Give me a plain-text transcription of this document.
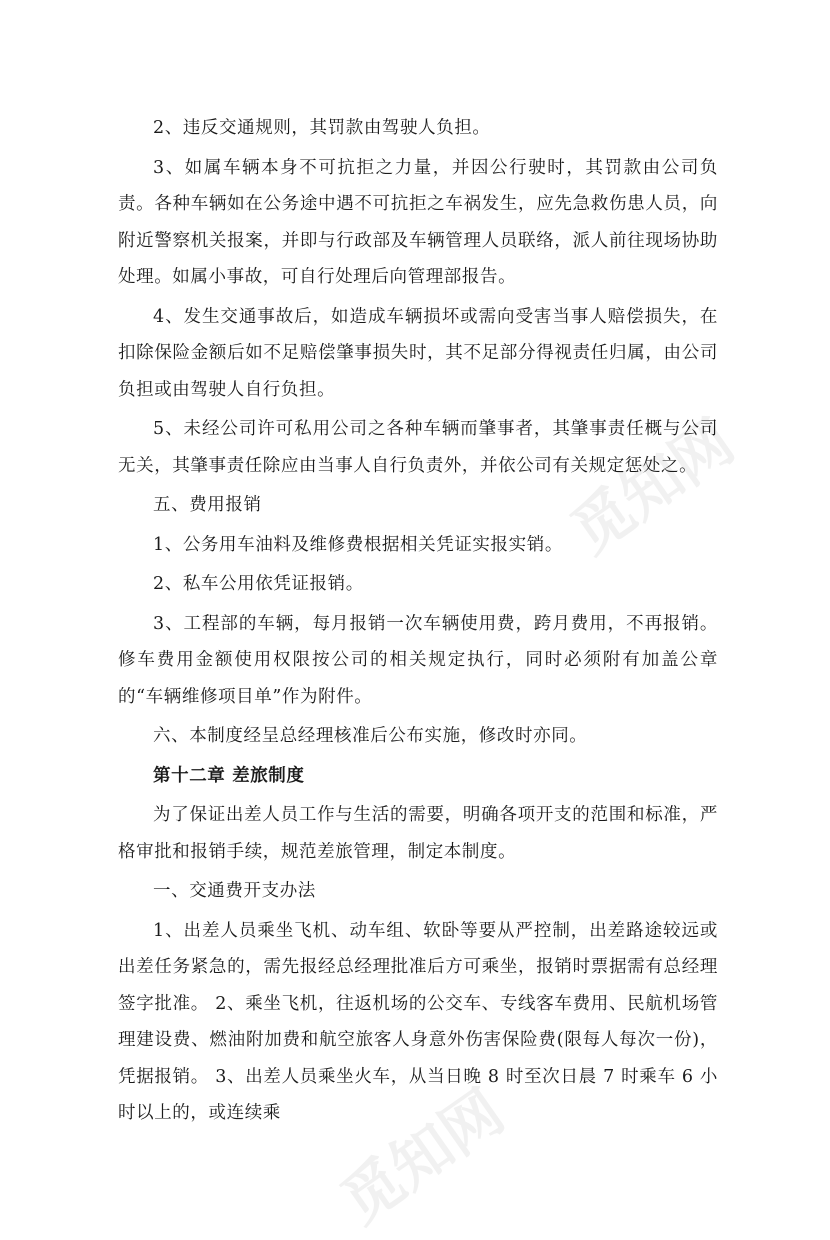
觅知网
觅知网

2、违反交通规则，其罚款由驾驶人负担。

3、如属车辆本身不可抗拒之力量，并因公行驶时，其罚款由公司负责。各种车辆如在公务途中遇不可抗拒之车祸发生，应先急救伤患人员，向附近警察机关报案，并即与行政部及车辆管理人员联络，派人前往现场协助处理。如属小事故，可自行处理后向管理部报告。

4、发生交通事故后，如造成车辆损坏或需向受害当事人赔偿损失，在扣除保险金额后如不足赔偿肇事损失时，其不足部分得视责任归属，由公司负担或由驾驶人自行负担。

5、未经公司许可私用公司之各种车辆而肇事者，其肇事责任概与公司无关，其肇事责任除应由当事人自行负责外，并依公司有关规定惩处之。

五、费用报销

1、公务用车油料及维修费根据相关凭证实报实销。

2、私车公用依凭证报销。

3、工程部的车辆，每月报销一次车辆使用费，跨月费用，不再报销。修车费用金额使用权限按公司的相关规定执行，同时必须附有加盖公章的“车辆维修项目单”作为附件。

六、本制度经呈总经理核准后公布实施，修改时亦同。

第十二章 差旅制度

为了保证出差人员工作与生活的需要，明确各项开支的范围和标准，严格审批和报销手续，规范差旅管理，制定本制度。

一、交通费开支办法

1、出差人员乘坐飞机、动车组、软卧等要从严控制，出差路途较远或出差任务紧急的，需先报经总经理批准后方可乘坐，报销时票据需有总经理签字批准。 2、乘坐飞机，往返机场的公交车、专线客车费用、民航机场管理建设费、燃油附加费和航空旅客人身意外伤害保险费(限每人每次一份)，凭据报销。 3、出差人员乘坐火车，从当日晚 8 时至次日晨 7 时乘车 6 小时以上的，或连续乘
